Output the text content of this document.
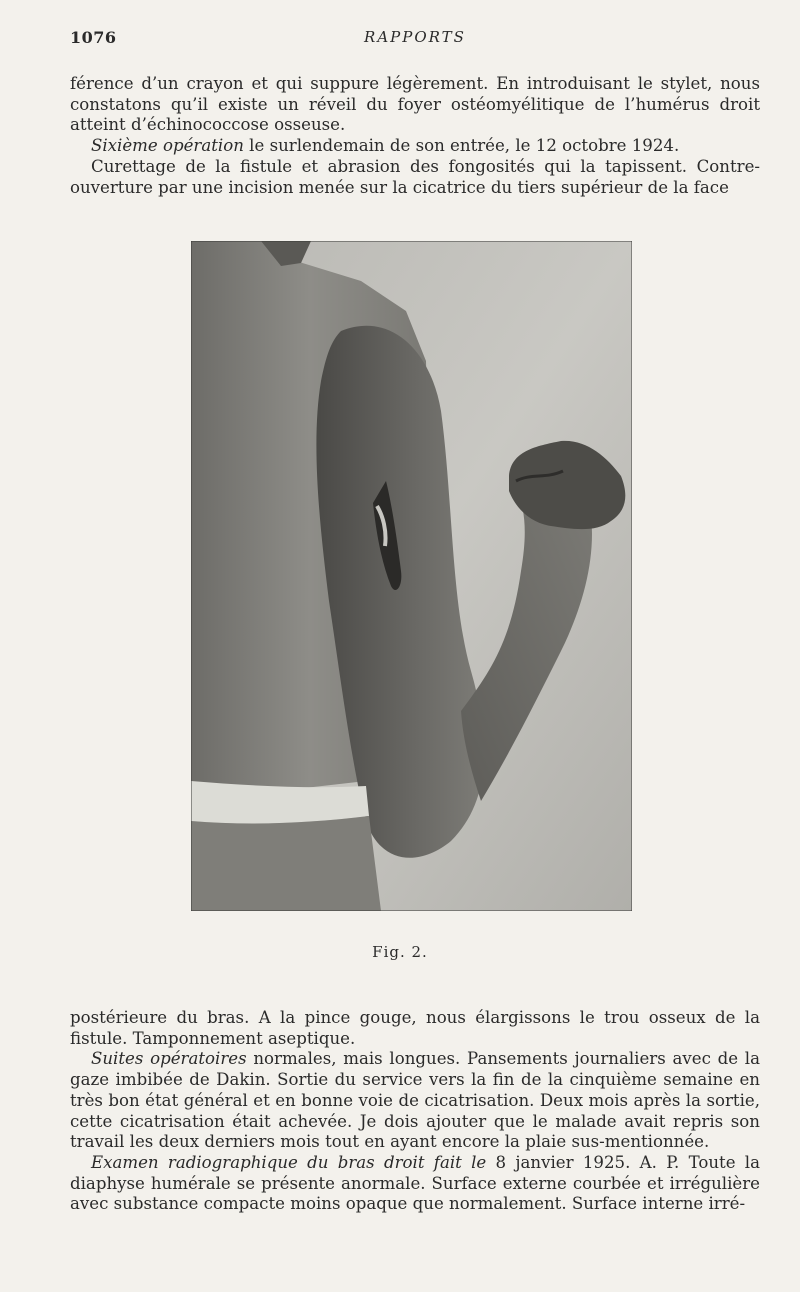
1076	RAPPORTS

férence d’un crayon et qui suppure légèrement. En introduisant le stylet, nous constatons qu’il existe un réveil du foyer ostéomyélitique de l’humérus droit atteint d’échinococcose osseuse.

Sixième opération le surlendemain de son entrée, le 12 octobre 1924.

Curettage de la fistule et abrasion des fongosités qui la tapissent. Contre-ouverture par une incision menée sur la cicatrice du tiers supérieur de la face

Fig. 2.

postérieure du bras. A la pince gouge, nous élargissons le trou osseux de la fistule. Tamponnement aseptique.

Suites opératoires normales, mais longues. Pansements journaliers avec de la gaze imbibée de Dakin. Sortie du service vers la fin de la cinquième semaine en très bon état général et en bonne voie de cicatrisation. Deux mois après la sortie, cette cicatrisation était achevée. Je dois ajouter que le malade avait repris son travail les deux derniers mois tout en ayant encore la plaie sus-mentionnée.

Examen radiographique du bras droit fait le 8 janvier 1925. A. P. Toute la diaphyse humérale se présente anormale. Surface externe courbée et irrégulière avec substance compacte moins opaque que normalement. Surface interne irré-
